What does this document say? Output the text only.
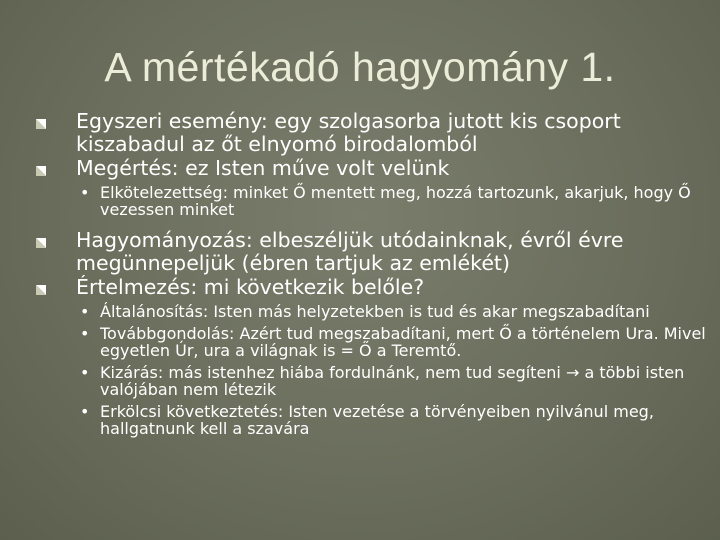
A mértékadó hagyomány 1.
Egyszeri esemény: egy szolgasorba jutott kis csoport kiszabadul az őt elnyomó birodalomból
Megértés: ez Isten műve volt velünk
• Elkötelezettség: minket Ő mentett meg, hozzá tartozunk, akarjuk, hogy Ő vezessen minket
Hagyományozás: elbeszéljük utódainknak, évről évre megünnepeljük (ébren tartjuk az emlékét)
Értelmezés: mi következik belőle?
• Általánosítás: Isten más helyzetekben is tud és akar megszabadítani
• Továbbgondolás: Azért tud megszabadítani, mert Ő a történelem Ura. Mivel egyetlen Úr, ura a világnak is = Ő a Teremtő.
• Kizárás: más istenhez hiába fordulnánk, nem tud segíteni → a többi isten valójában nem létezik
• Erkölcsi következtetés: Isten vezetése a törvényeiben nyilvánul meg, hallgatnunk kell a szavára
